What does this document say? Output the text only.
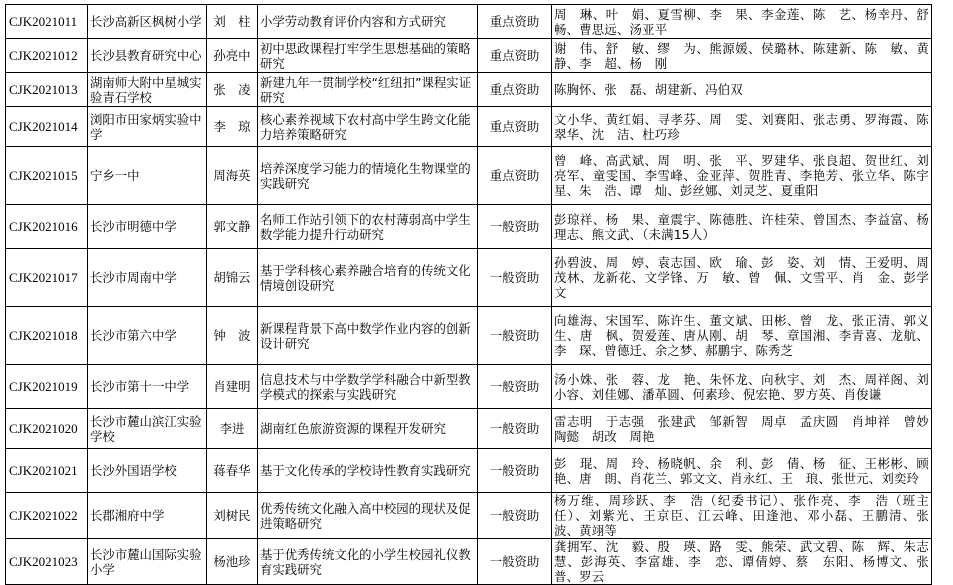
CJK2021011	长沙高新区枫树小学	刘　柱	小学劳动教育评价内容和方式研究	重点资助	周　琳、叶　娟、夏雪柳、李　果、李金莲、陈　艺、杨幸丹、舒　畅、曹思远、汤亚平
CJK2021012	长沙县教育研究中心	孙亮中	初中思政课程打牢学生思想基础的策略研究	重点资助	谢　伟、舒　敏、缪　为、熊源媛、侯璐林、陈建新、陈　敏、黄　静、李　超、杨　刚
CJK2021013	湖南师大附中星城实验青石学校	张　凌	新建九年一贯制学校“红纽扣”课程实证研究	重点资助	陈胸怀、张　磊、胡建新、冯伯双
CJK2021014	浏阳市田家炳实验中学	李　琼	核心素养视域下农村高中学生跨文化能力培养策略研究	重点资助	文小华、黄红娟、寻孝芬、周　雯、刘赛阳、张志勇、罗海霞、陈翠华、沈　洁、杜巧珍
CJK2021015	宁乡一中	周海英	培养深度学习能力的情境化生物课堂的实践研究	重点资助	曾　峰、高武斌、周　明、张　平、罗建华、张良超、贺世红、刘亮军、童雯国、李雪峰、金亚萍、贺胜青、李艳芳、张立华、陈宇星、朱　浩、谭　灿、彭丝娜、刘灵芝、夏重阳
CJK2021016	长沙市明德中学	郭文静	名师工作站引领下的农村薄弱高中学生数学能力提升行动研究	一般资助	彭琼祥、杨　果、童震宇、陈德胜、许桂荣、曾国杰、李益富、杨理志、熊文武、（未满15人）
CJK2021017	长沙市周南中学	胡锦云	基于学科核心素养融合培育的传统文化情境创设研究	一般资助	孙碧波、周　婷、袁志国、欧　瑜、彭　姿、刘　情、王爱明、周茂林、龙新花、文学锋、万　敏、曾　佩、文雪平、肖　金、彭学文
CJK2021018	长沙市第六中学	钟　波	新课程背景下高中数学作业内容的创新设计研究	一般资助	向雄海、宋国军、陈许生、董文斌、田彬、曾　龙、张正清、郭义生、唐　枫、贺爱莲、唐从刚、胡　琴、章国湘、李青喜、龙航、李　琛、曾德迁、余之梦、郝鹏宇、陈秀芝
CJK2021019	长沙市第十一中学	肖建明	信息技术与中学数学学科融合中新型教学模式的探索与实践研究	一般资助	汤小姝、张　蓉、龙　艳、朱怀龙、向秋宇、刘　杰、周祥阁、刘小容、刘佳娜、潘革圆、何素珍、倪宏艳、罗方英、肖俊谦
CJK2021020	长沙市麓山滨江实验学校	李进	湖南红色旅游资源的课程开发研究	一般资助	雷志明　于志强　张建武　邹新智　周卓　孟庆圆　肖坤祥　曾妙　陶懿　胡改　周艳
CJK2021021	长沙外国语学校	蒋春华	基于文化传承的学校诗性教育实践研究	一般资助	彭　琨、周　玲、杨晓帆、余　利、彭　倩、杨　征、王彬彬、顾　艳、唐　朗、肖花兰、郭文文、肖永红、王　琅、张世元、刘奕玲
CJK2021022	长郡湘府中学	刘树民	优秀传统文化融入高中校园的现状及促进策略研究	一般资助	杨万维、周珍跃、李　浩（纪委书记）、张作亮、李　浩（班主任）、刘紫光、王京臣、江云峰、田逢池、邓小磊、王鹏清、张　波、黄翊等
CJK2021023	长沙市麓山国际实验小学	杨池珍	基于优秀传统文化的小学生校园礼仪教育实践研究	一般资助	龚拥军、沈　毅、殷　瑛、路　雯、熊荣、武文碧、陈　辉、朱志慧、彭海英、李富雄、李　恋、谭倩婷、蔡　东阳、杨博文、张　普、罗云
